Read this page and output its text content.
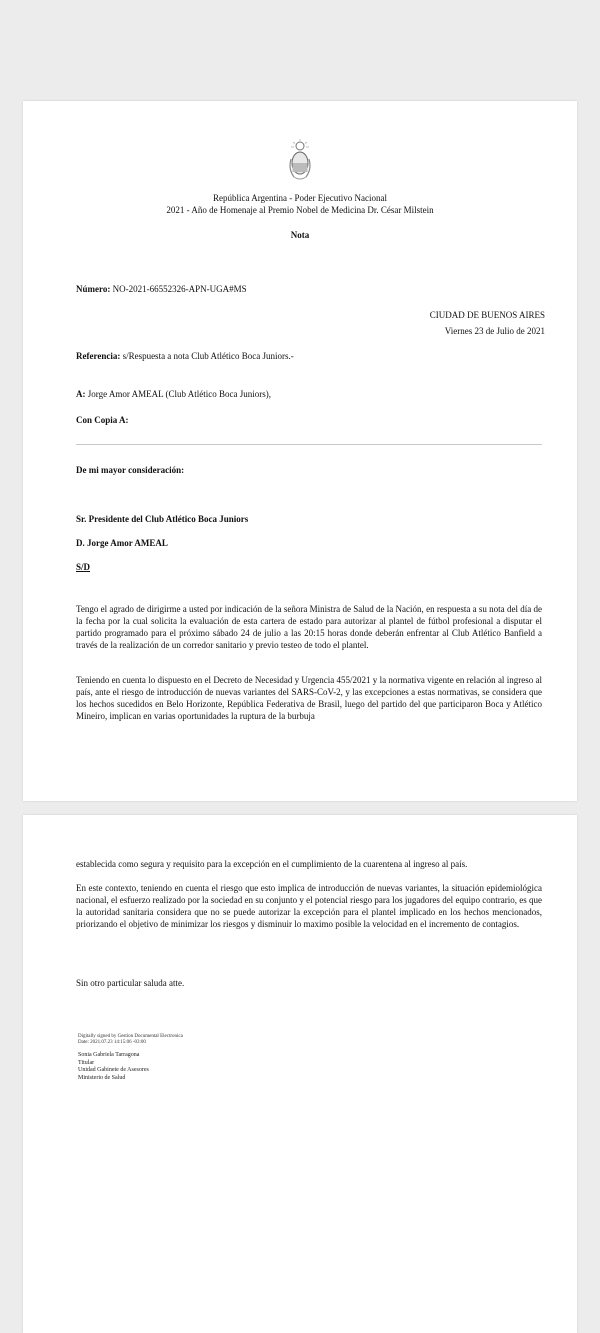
República Argentina - Poder Ejecutivo Nacional
2021 - Año de Homenaje al Premio Nobel de Medicina Dr. César Milstein
Nota
Número: NO-2021-66552326-APN-UGA#MS
CIUDAD DE BUENOS AIRES
Viernes 23 de Julio de 2021
Referencia: s/Respuesta a nota Club Atlético Boca Juniors.-
A: Jorge Amor AMEAL (Club Atlético Boca Juniors),
Con Copia A:
De mi mayor consideración:
Sr. Presidente del Club Atlético Boca Juniors
D. Jorge Amor AMEAL
S/D
Tengo el agrado de dirigirme a usted por indicación de la señora Ministra de Salud de la Nación, en respuesta a su nota del día de la fecha por la cual solicita la evaluación de esta cartera de estado para autorizar al plantel de fútbol profesional a disputar el partido programado para el próximo sábado 24 de julio a las 20:15 horas donde deberán enfrentar al Club Atlético Banfield a través de la realización de un corredor sanitario y previo testeo de todo el plantel.
Teniendo en cuenta lo dispuesto en el Decreto de Necesidad y Urgencia 455/2021 y la normativa vigente en relación al ingreso al país, ante el riesgo de introducción de nuevas variantes del SARS-CoV-2, y las excepciones a estas normativas, se considera que los hechos sucedidos en Belo Horizonte, República Federativa de Brasil, luego del partido del que participaron Boca y Atlético Mineiro, implican en varias oportunidades la ruptura de la burbuja
establecida como segura y requisito para la excepción en el cumplimiento de la cuarentena al ingreso al país.
En este contexto, teniendo en cuenta el riesgo que esto implica de introducción de nuevas variantes, la situación epidemiológica nacional, el esfuerzo realizado por la sociedad en su conjunto y el potencial riesgo para los jugadores del equipo contrario, es que la autoridad sanitaria considera que no se puede autorizar la excepción para el plantel implicado en los hechos mencionados, priorizando el objetivo de minimizar los riesgos y disminuir lo maximo posible la velocidad en el incremento de contagios.
Sin otro particular saluda atte.
Digitally signed by Gestion Documental Electronica
Date: 2021.07.23 14:15:06 -03:00
Sonia Gabriela Tarragona
Titular
Unidad Gabinete de Asesores
Ministerio de Salud
